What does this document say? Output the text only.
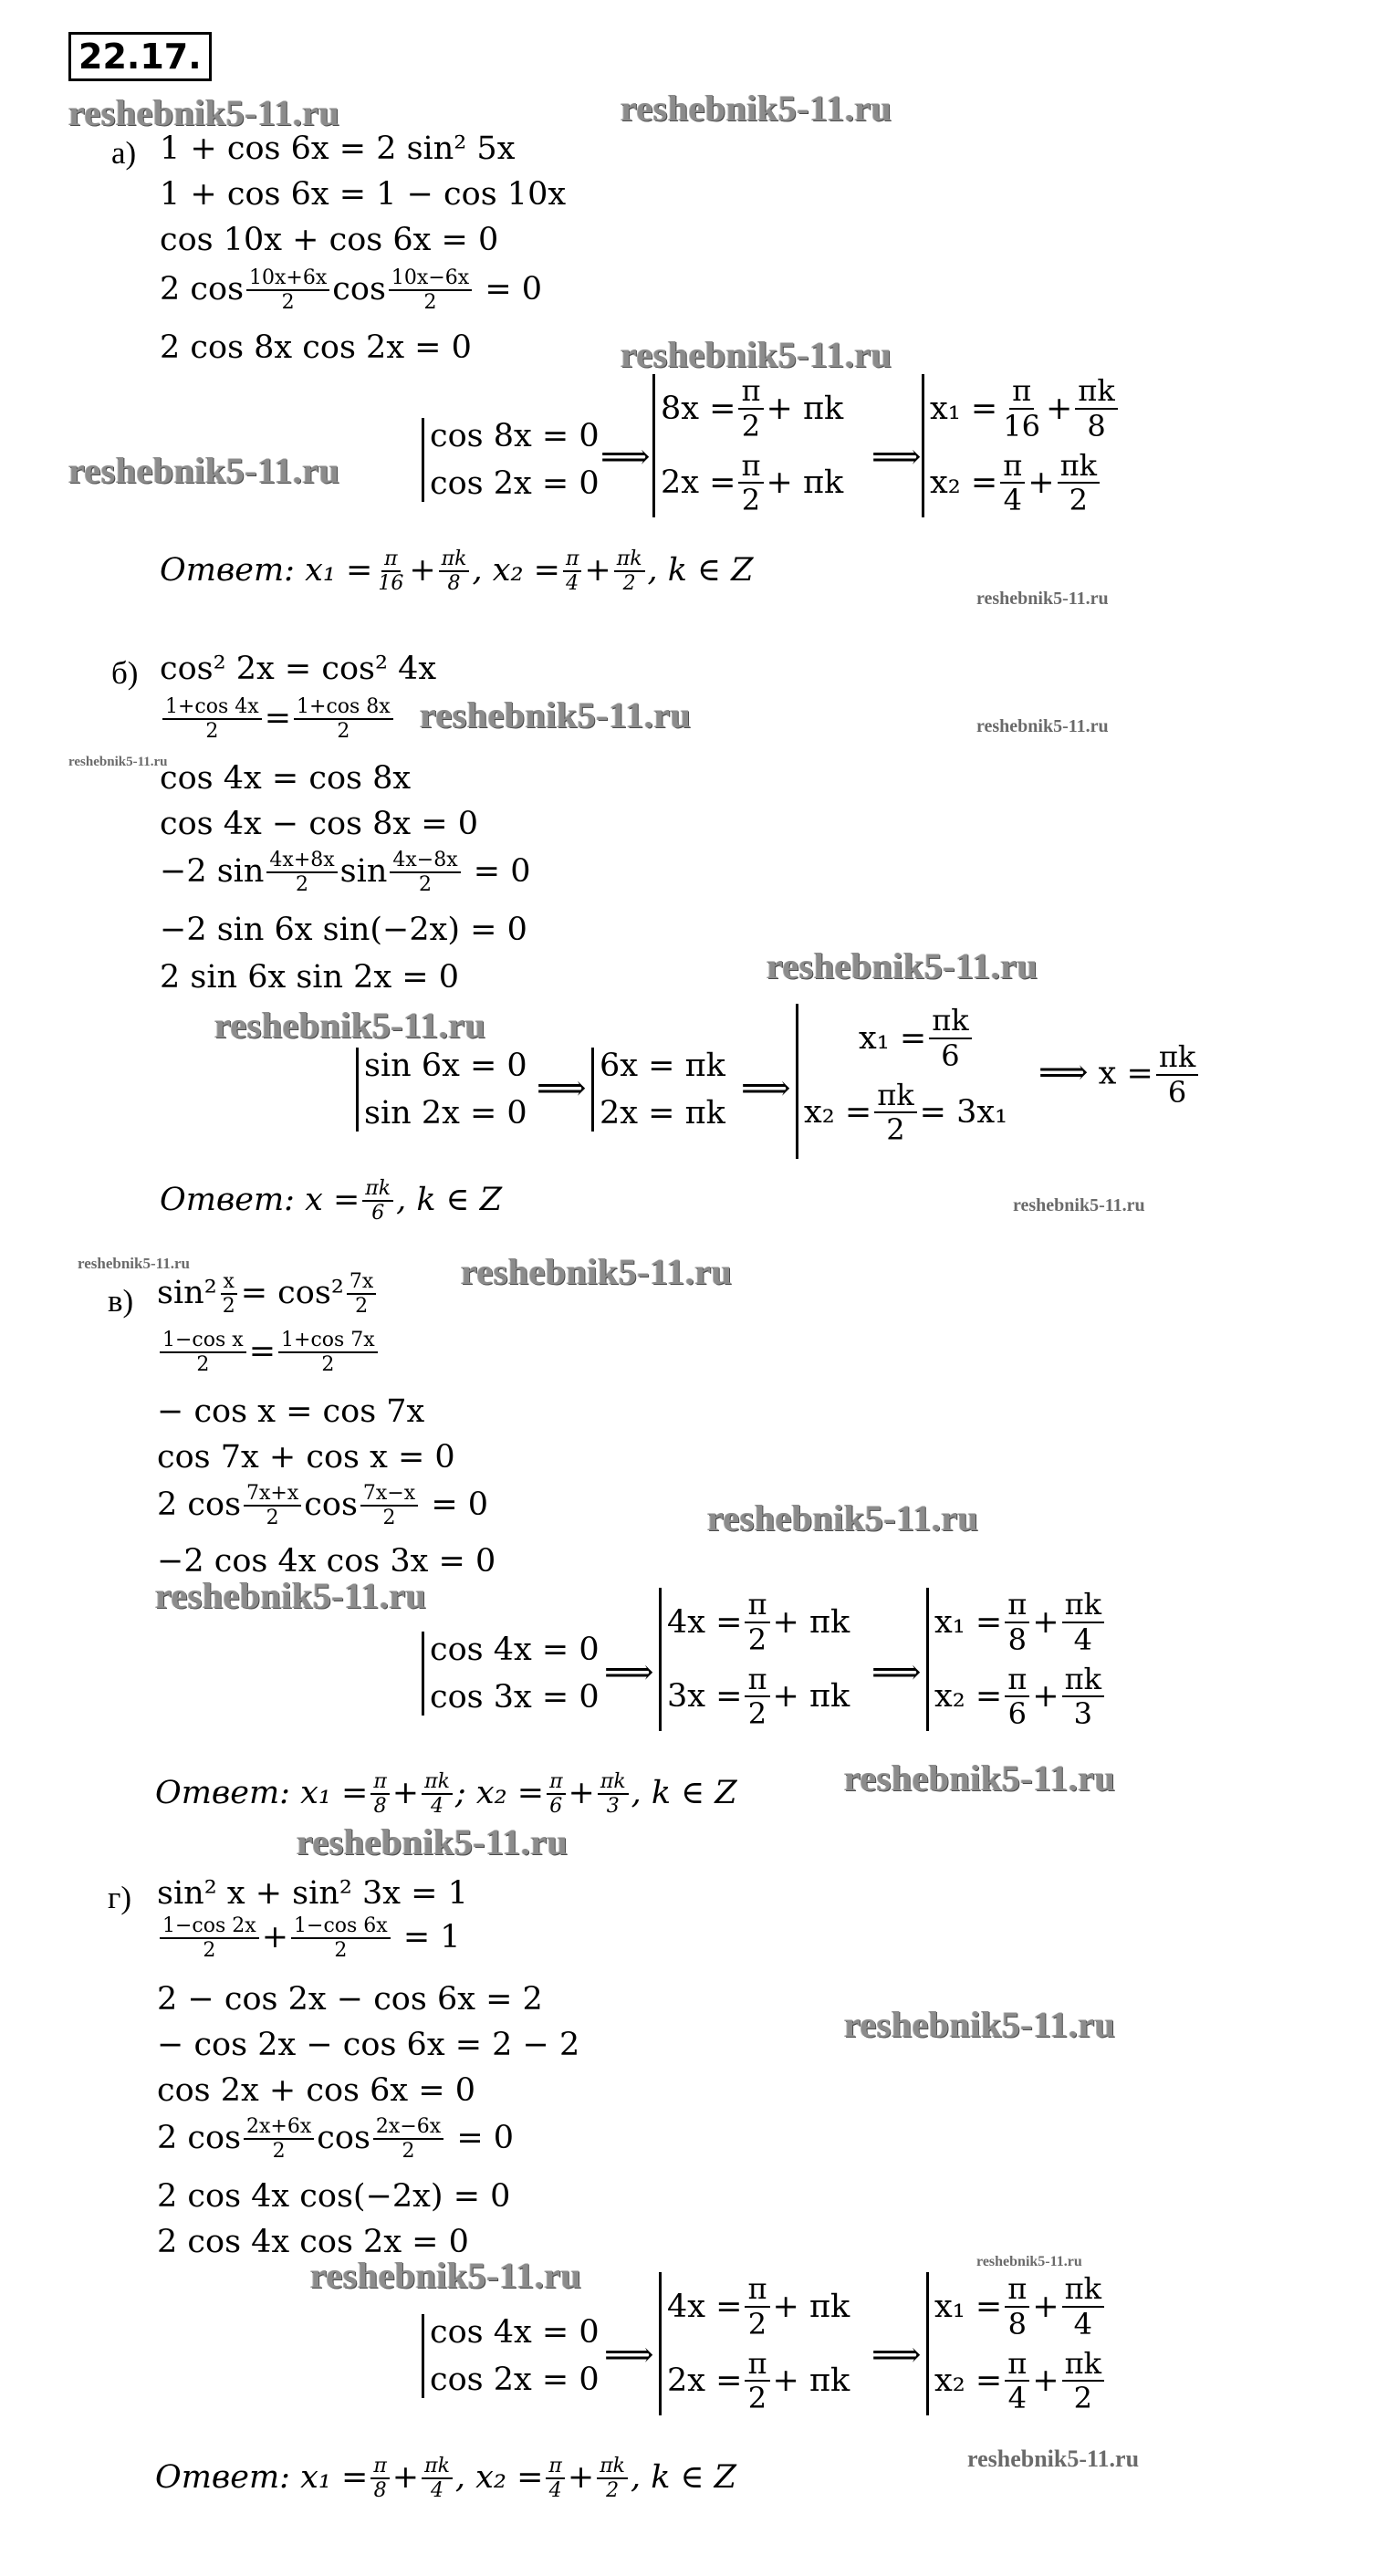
22.17.
reshebnik5-11.ru	reshebnik5-11.ru
reshebnik5-11.ru
reshebnik5-11.ru
reshebnik5-11.ru
reshebnik5-11.ru
reshebnik5-11.ru
reshebnik5-11.ru
reshebnik5-11.ru
reshebnik5-11.ru
reshebnik5-11.ru
reshebnik5-11.ru
reshebnik5-11.ru
reshebnik5-11.ru
reshebnik5-11.ru
reshebnik5-11.ru
reshebnik5-11.ru
reshebnik5-11.ru
reshebnik5-11.ru
reshebnik5-11.ru
reshebnik5-11.ru
а) 1 + cos 6x = 2 sin² 5x
1 + cos 6x = 1 − cos 10x
cos 10x + cos 6x = 0
2 $\cos \frac{10x+6x}{2}$ $\cos \frac{10x-6x}{2} = 0$
2 cos 8x cos 2x = 0
cos 8x = 0
cos 2x = 0
⟹
$8x = \frac{\pi}{2} + \pi k$
$2x = \frac{\pi}{2} + \pi k$
⟹
$x_1 = \frac{\pi}{16} + \frac{\pi k}{8}$
$x_2 = \frac{\pi}{4} + \frac{\pi k}{2}$
Ответ: $x_1 = \frac{\pi}{16} + \frac{\pi k}{8}$ , $x_2 = \frac{\pi}{4} + \frac{\pi k}{2}$ , k ∈ Z
б) cos² 2x = cos² 4x
$\frac{1+\cos 4x}{2} = \frac{1+\cos 8x}{2}$
cos 4x = cos 8x
cos 4x − cos 8x = 0
−2 $\sin \frac{4x+8x}{2}$ $\sin \frac{4x-8x}{2} = 0$
−2 sin 6x sin(−2x) = 0
2 sin 6x sin 2x = 0
sin 6x = 0
sin 2x = 0
⟹
6x = πk
2x = πk
⟹
$x_1 = \frac{\pi k}{6}$
$x_2 = \frac{\pi k}{2} = 3x_1$
⟹ $x = \frac{\pi k}{6}$
Ответ: $x = \frac{\pi k}{6}$ , k ∈ Z
в) $\sin^2 \frac{x}{2} = \cos^2 \frac{7x}{2}$
$\frac{\text{1−cos x}}{2} = \frac{1+\cos 7x}{2}$
− cos x = cos 7x
cos 7x + cos x = 0
2 $\cos \frac{7x+x}{2}$ $\cos \frac{7x-x}{2} = 0$
−2 cos 4x cos 3x = 0
cos 4x = 0
cos 3x = 0
⟹
$4x = \frac{\pi}{2} + \pi k$
$3x = \frac{\pi}{2} + \pi k$
⟹
$x_1 = \frac{\pi}{8} + \frac{\pi k}{4}$
$x_2 = \frac{\pi}{6} + \frac{\pi k}{3}$
Ответ: $x_1 = \frac{\pi}{8} + \frac{\pi k}{4}$ ; $x_2 = \frac{\pi}{6} + \frac{\pi k}{3}$ , k ∈ Z
г) sin² x + sin² 3x = 1
$\frac{1-\cos 2x}{2} + \frac{1-\cos 6x}{2} = 1$
2 − cos 2x − cos 6x = 2
− cos 2x − cos 6x = 2 − 2
cos 2x + cos 6x = 0
2 $\cos \frac{2x+6x}{2}$ $\cos \frac{2x-6x}{2} = 0$
2 cos 4x cos(−2x) = 0
2 cos 4x cos 2x = 0
cos 4x = 0
cos 2x = 0
⟹
$4x = \frac{\pi}{2} + \pi k$
$2x = \frac{\pi}{2} + \pi k$
⟹
$x_1 = \frac{\pi}{8} + \frac{\pi k}{4}$
$x_2 = \frac{\pi}{4} + \frac{\pi k}{2}$
Ответ: $x_1 = \frac{\pi}{8} + \frac{\pi k}{4}$ , $x_2 = \frac{\pi}{4} + \frac{\pi k}{2}$ , k ∈ Z
